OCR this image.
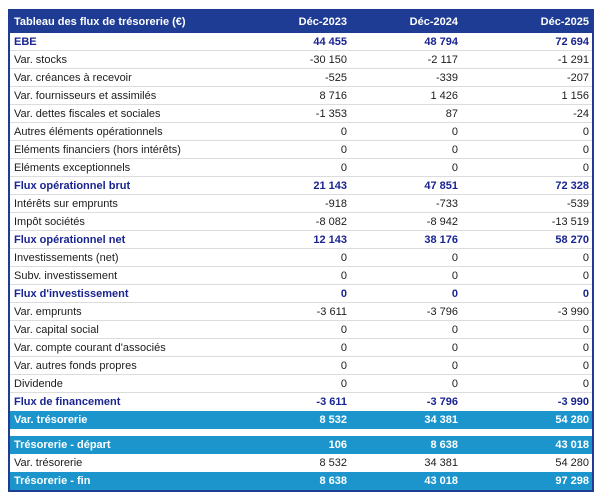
Tableau des flux de trésorerie (€)	Déc-2023	Déc-2024	Déc-2025
EBE	44 455	48 794	72 694
Var. stocks	-30 150	-2 117	-1 291
Var. créances à recevoir	-525	-339	-207
Var. fournisseurs et assimilés	8 716	1 426	1 156
Var. dettes fiscales et sociales	-1 353	87	-24
Autres éléments opérationnels	0	0	0
Eléments financiers (hors intérêts)	0	0	0
Eléments exceptionnels	0	0	0
Flux opérationnel brut	21 143	47 851	72 328
Intérêts sur emprunts	-918	-733	-539
Impôt sociétés	-8 082	-8 942	-13 519
Flux opérationnel net	12 143	38 176	58 270
Investissements (net)	0	0	0
Subv. investissement	0	0	0
Flux d'investissement	0	0	0
Var. emprunts	-3 611	-3 796	-3 990
Var. capital social	0	0	0
Var. compte courant d'associés	0	0	0
Var. autres fonds propres	0	0	0
Dividende	0	0	0
Flux de financement	-3 611	-3 796	-3 990
Var. trésorerie	8 532	34 381	54 280
Trésorerie - départ	106	8 638	43 018
Var. trésorerie	8 532	34 381	54 280
Trésorerie - fin	8 638	43 018	97 298
